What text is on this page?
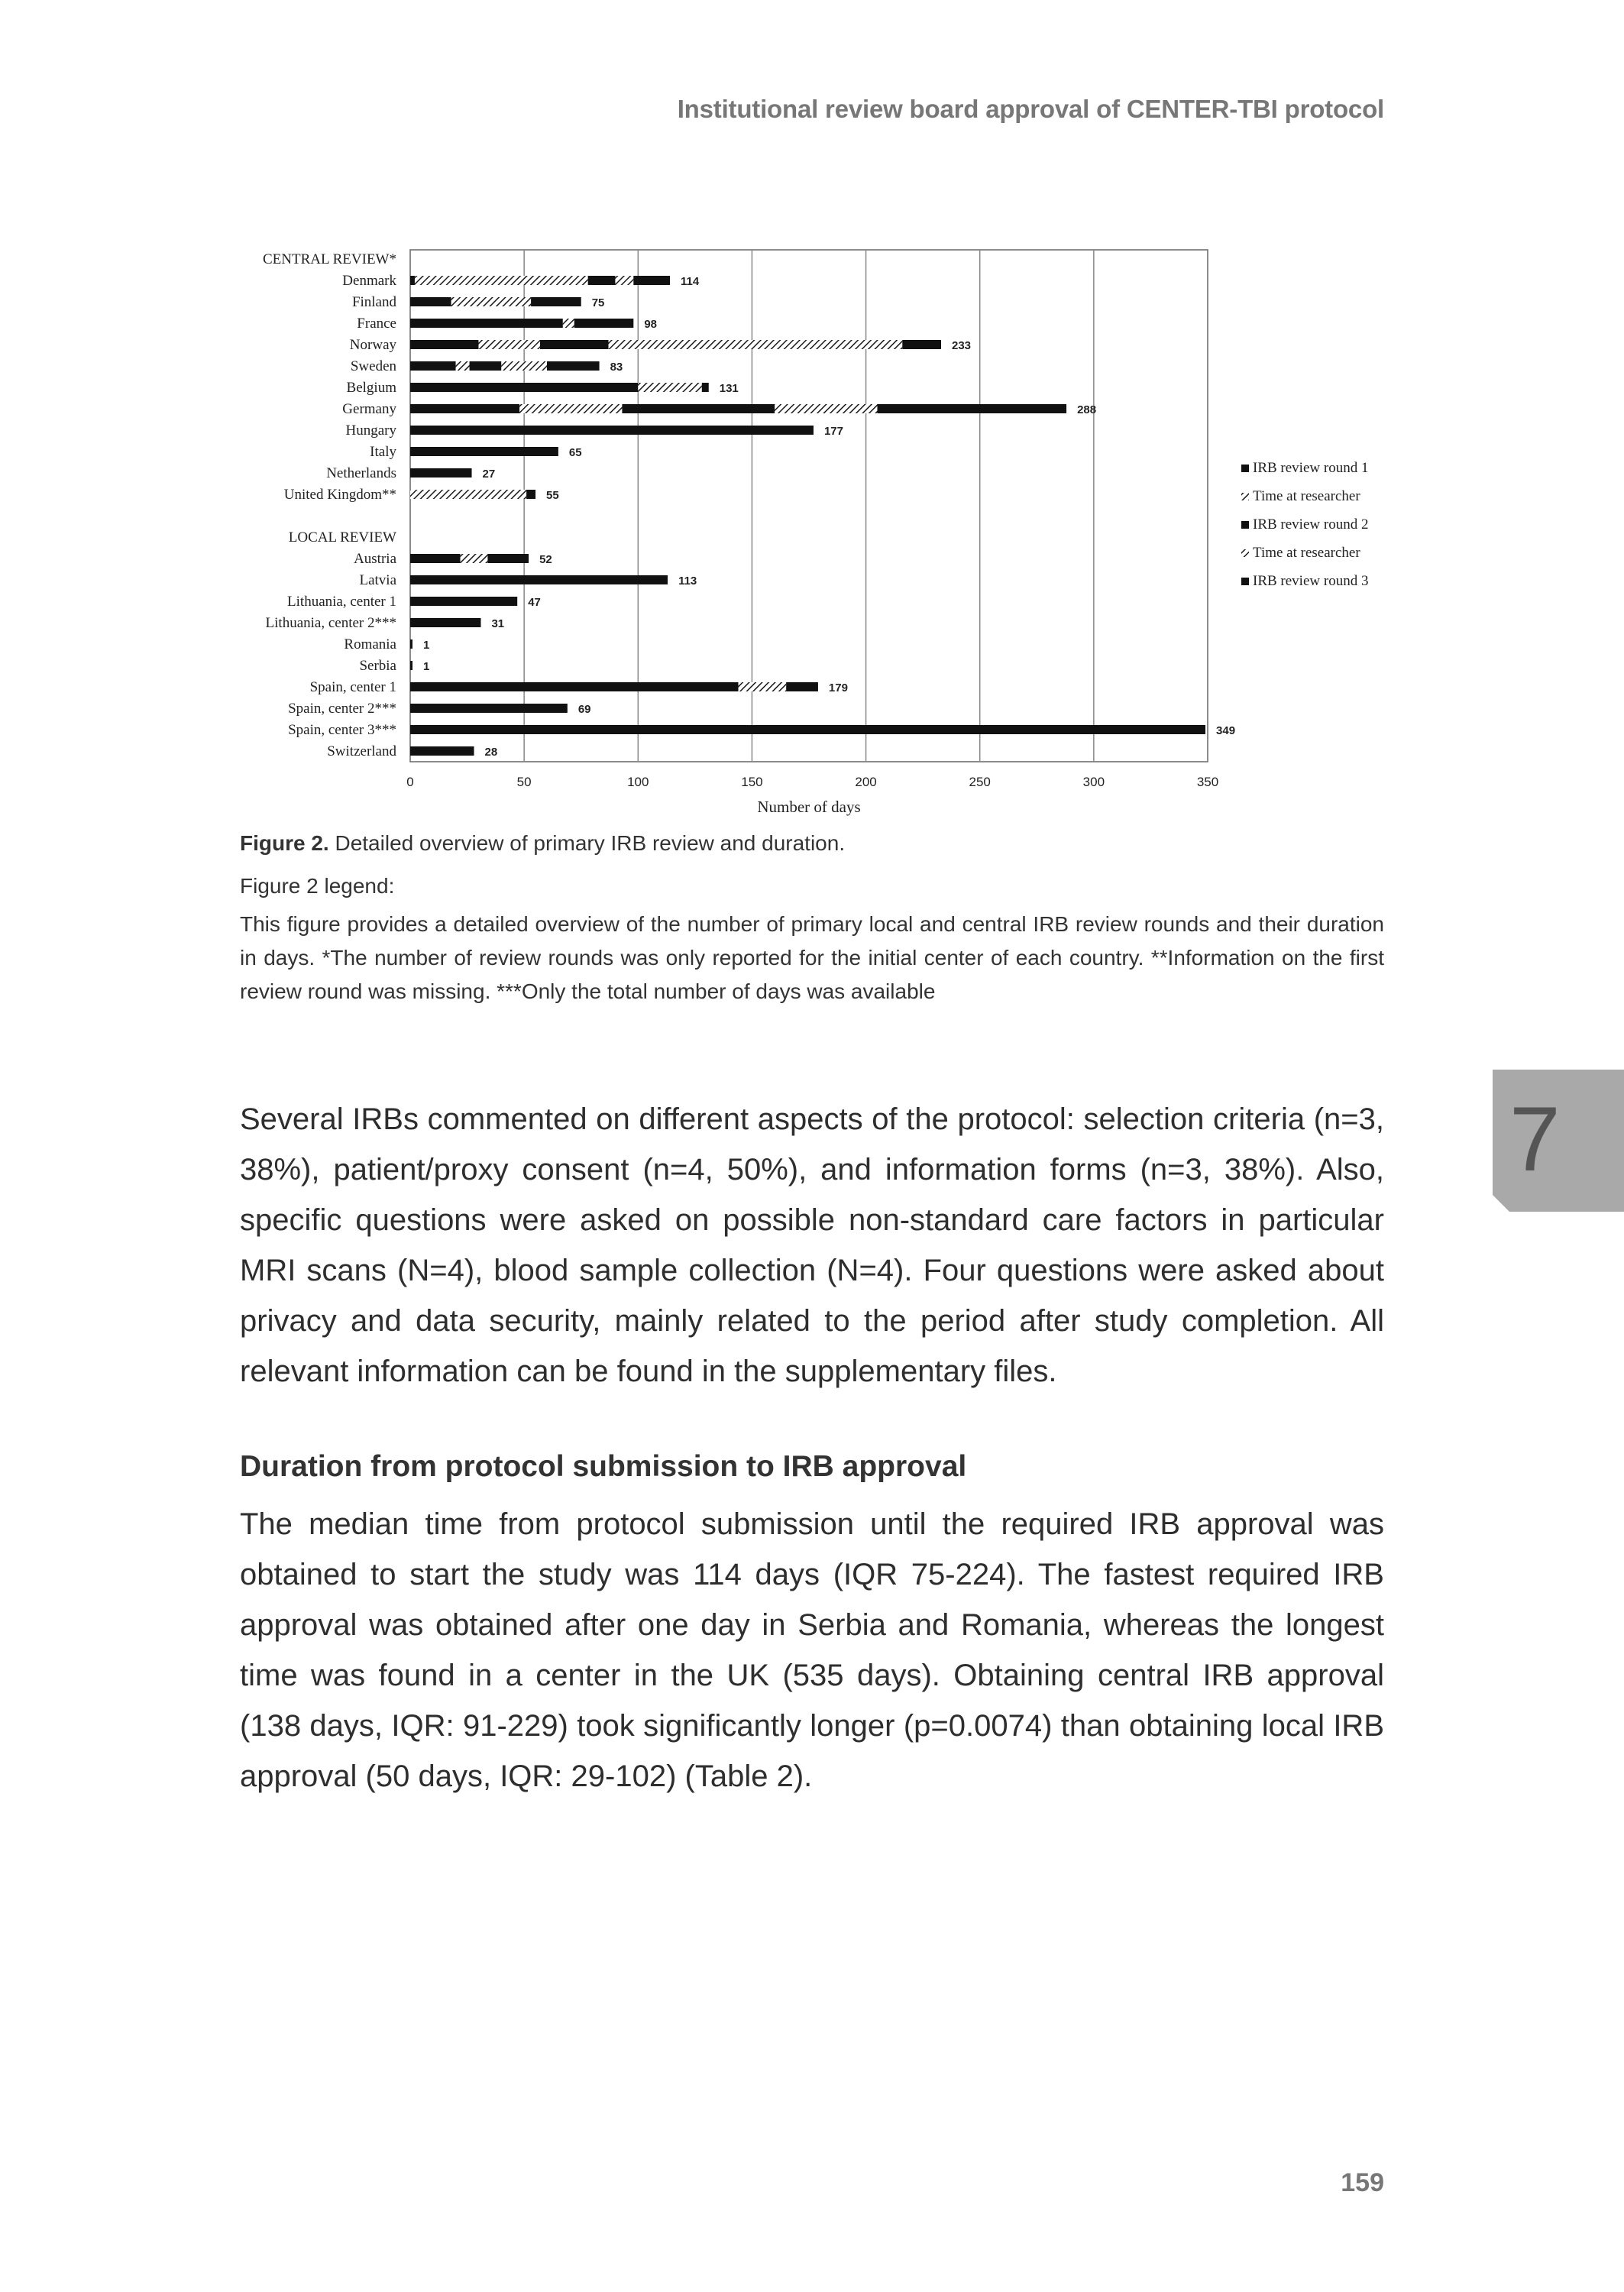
Institutional review board approval of CENTER-TBI protocol
0	50	100	150	200	250	300	350
Number of days
CENTRAL REVIEW*
Denmark	114
Finland	75
France	98
Norway	233
Sweden	83
Belgium	131
Germany	288
Hungary	177
Italy	65
Netherlands	27
United Kingdom**	55
LOCAL REVIEW
Austria	52
Latvia	113
Lithuania, center 1	47
Lithuania, center 2***	31
Romania 1
Serbia 1
Spain, center 1	179
Spain, center 2***	69
Spain, center 3***	349
Switzerland	28
IRB review round 1
Time at researcher
IRB review round 2
Time at researcher
IRB review round 3
Figure 2. Detailed overview of primary IRB review and duration.
Figure 2 legend:
This figure provides a detailed overview of the number of primary local and central IRB review rounds and their duration in days. *The number of review rounds was only reported for the initial center of each country. **Information on the first review round was missing. ***Only the total number of days was available
Several IRBs commented on different aspects of the protocol: selection criteria (n=3, 38%), patient/proxy consent (n=4, 50%), and information forms (n=3, 38%). Also, specific questions were asked on possible non-standard care factors in particular MRI scans (N=4), blood sample collection (N=4). Four questions were asked about privacy and data security, mainly related to the period after study completion. All relevant information can be found in the supplementary files.
Duration from protocol submission to IRB approval
The median time from protocol submission until the required IRB approval was obtained to start the study was 114 days (IQR 75-224). The fastest required IRB approval was obtained after one day in Serbia and Romania, whereas the longest time was found in a center in the UK (535 days). Obtaining central IRB approval (138 days, IQR: 91-229) took significantly longer (p=0.0074) than obtaining local IRB approval (50 days, IQR: 29-102) (Table 2).
7
159
